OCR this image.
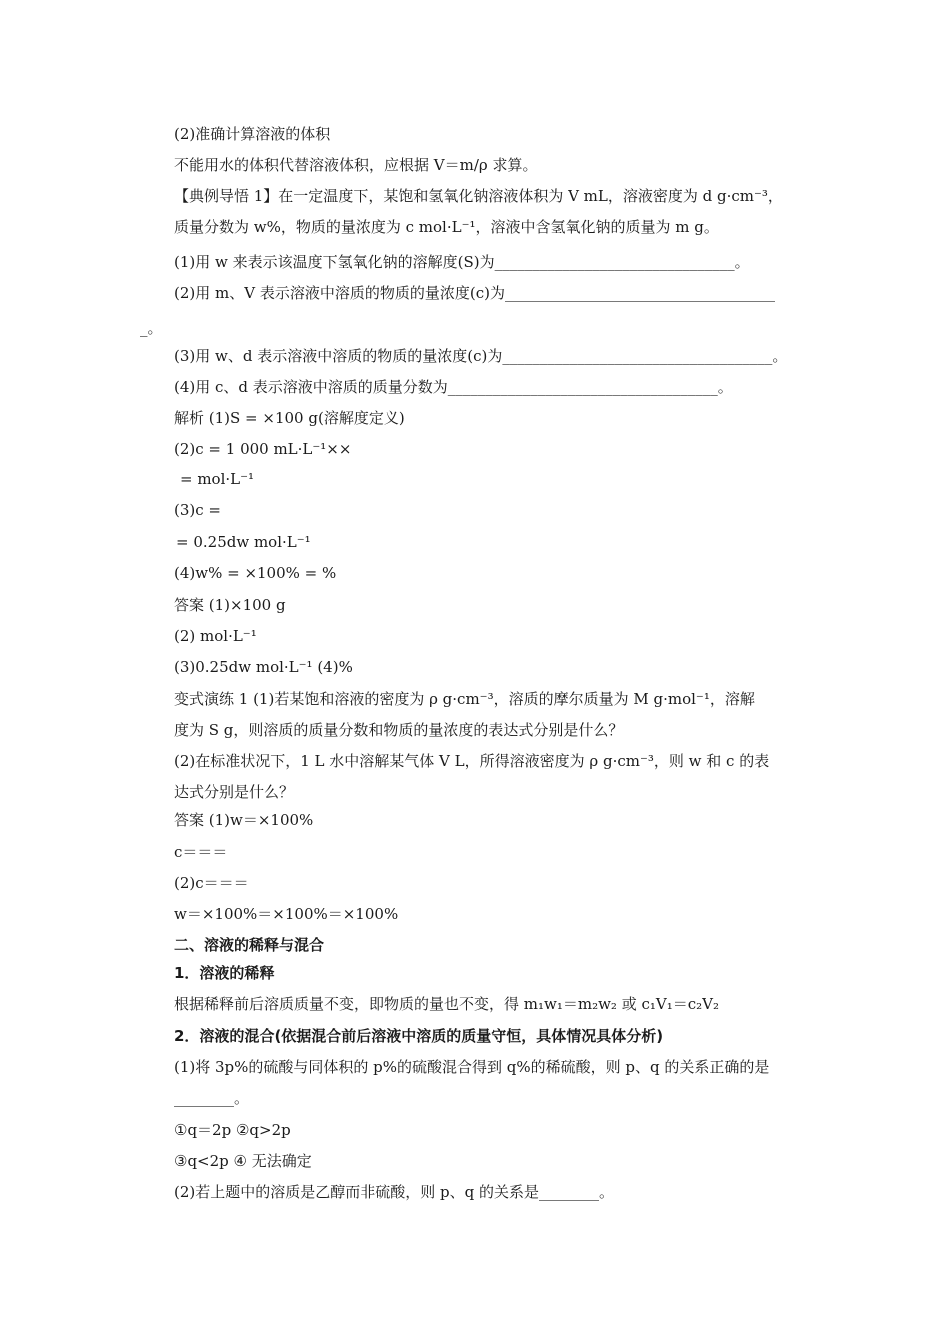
(2)准确计算溶液的体积
不能用水的体积代替溶液体积，应根据 V＝m/ρ 求算。
【典例导悟 1】在一定温度下，某饱和氢氧化钠溶液体积为 V mL，溶液密度为 d g·cm⁻³，
质量分数为 w%，物质的量浓度为 c mol·L⁻¹，溶液中含氢氧化钠的质量为 m g。
(1)用 w 来表示该温度下氢氧化钠的溶解度(S)为________________________________。
(2)用 m、V 表示溶液中溶质的物质的量浓度(c)为____________________________________
_。
(3)用 w、d 表示溶液中溶质的物质的量浓度(c)为____________________________________。
(4)用 c、d 表示溶液中溶质的质量分数为____________________________________。
解析 (1)S = ×100 g(溶解度定义)
(2)c = 1 000 mL·L⁻¹××
= mol·L⁻¹
(3)c =
= 0.25dw mol·L⁻¹
(4)w% = ×100% = %
答案 (1)×100 g
(2) mol·L⁻¹
(3)0.25dw mol·L⁻¹ (4)%
变式演练 1 (1)若某饱和溶液的密度为 ρ g·cm⁻³，溶质的摩尔质量为 M g·mol⁻¹，溶解
度为 S g，则溶质的质量分数和物质的量浓度的表达式分别是什么？
(2)在标准状况下，1 L 水中溶解某气体 V L，所得溶液密度为 ρ g·cm⁻³，则 w 和 c 的表
达式分别是什么？
答案 (1)w＝×100%
c＝＝＝
(2)c＝＝＝
w＝×100%＝×100%＝×100%
二、溶液的稀释与混合
1．溶液的稀释
根据稀释前后溶质质量不变，即物质的量也不变，得 m₁w₁＝m₂w₂ 或 c₁V₁＝c₂V₂
2．溶液的混合(依据混合前后溶液中溶质的质量守恒，具体情况具体分析)
(1)将 3p%的硫酸与同体积的 p%的硫酸混合得到 q%的稀硫酸，则 p、q 的关系正确的是
________。
①q＝2p ②q>2p
③q<2p ④ 无法确定
(2)若上题中的溶质是乙醇而非硫酸，则 p、q 的关系是________。
